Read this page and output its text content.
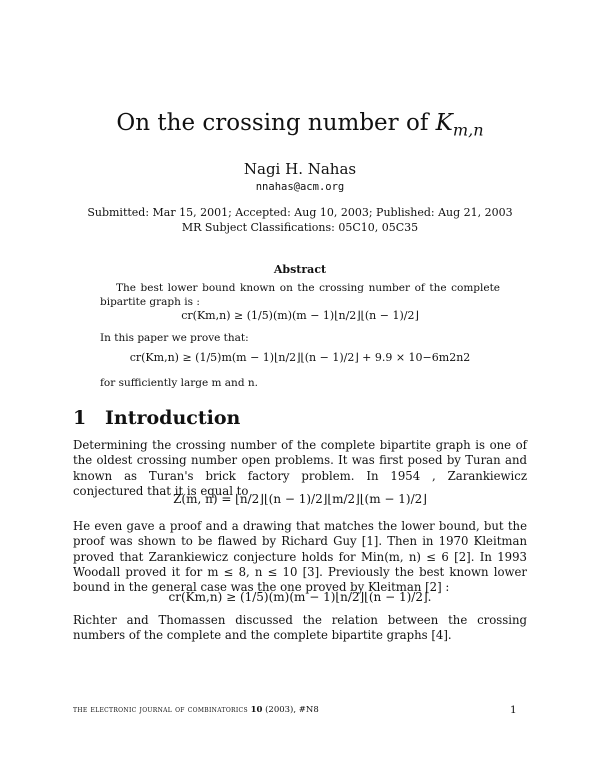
On the crossing number of $K_{m,n}$
Nagi H. Nahas
nnahas@acm.org
Submitted: Mar 15, 2001; Accepted: Aug 10, 2003; Published: Aug 21, 2003
MR Subject Classifications: 05C10, 05C35
Abstract
The best lower bound known on the crossing number of the complete bipartite graph is :
cr(Km,n) ≥ (1/5)(m)(m − 1)⌊n/2⌋⌊(n − 1)/2⌋
In this paper we prove that:
cr(Km,n) ≥ (1/5)m(m − 1)⌊n/2⌋⌊(n − 1)/2⌋ + 9.9 × 10−6m2n2
for sufficiently large m and n.
1 Introduction
Determining the crossing number of the complete bipartite graph is one of the oldest crossing number open problems. It was first posed by Turan and known as Turan's brick factory problem. In 1954 , Zarankiewicz conjectured that it is equal to
Z(m, n) = ⌊n/2⌋⌊(n − 1)/2⌋⌊m/2⌋⌊(m − 1)/2⌋
He even gave a proof and a drawing that matches the lower bound, but the proof was shown to be flawed by Richard Guy [1]. Then in 1970 Kleitman proved that Zarankiewicz conjecture holds for Min(m, n) ≤ 6 [2]. In 1993 Woodall proved it for m ≤ 8, n ≤ 10 [3]. Previously the best known lower bound in the general case was the one proved by Kleitman [2] :
cr(Km,n) ≥ (1/5)(m)(m − 1)⌊n/2⌋⌊(n − 1)/2⌋.
Richter and Thomassen discussed the relation between the crossing numbers of the complete and the complete bipartite graphs [4].
the electronic journal of combinatorics 10 (2003), #N8	1
